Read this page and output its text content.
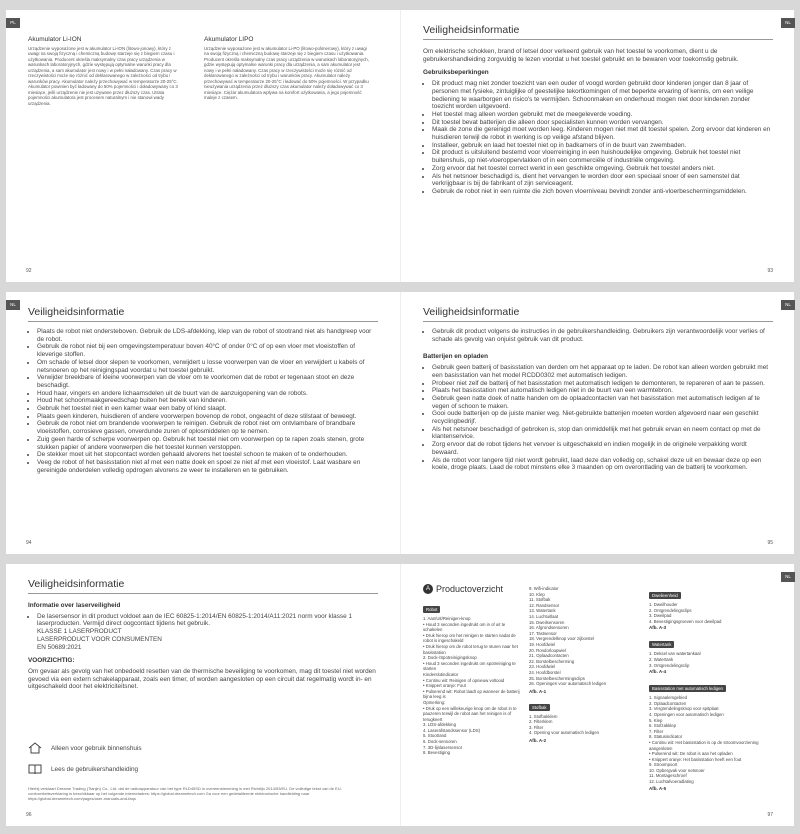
PL
Akumulator Li-ION
Urządzenie wyposażone jest w akumulator Li-ION (litowo-jonowy), który z uwagi na swoją fizyczną i chemiczną budowę starzeje się z biegiem czasu i użytkowania. Producent określa maksymalny czas pracy urządzenia w warunkach laboratoryjnych, gdzie występują optymalne warunki pracy dla urządzenia, a sam akumulator jest nowy i w pełni naładowany. Czas pracy w rzeczywistości może się różnić od deklarowanego w zależności od trybu i warunków pracy. Akumulator należy przechowywać w temperaturze 20-25°C. Akumulator powinien być ładowany do 50% pojemności i doładowywany co 3 miesiące, jeśli urządzenie nie jest używane przez dłuższy czas. Utrata pojemności akumulatora jest procesem naturalnym i nie stanowi wady urządzenia.
Akumulator LIPO
Urządzenie wyposażone jest w akumulator Li-PO (litowo-polimerowy), który z uwagi na swoją fizyczną i chemiczną budowę starzeje się z biegiem czasu i użytkowania. Producent określa maksymalny czas pracy urządzenia w warunkach laboratoryjnych, gdzie występują optymalne warunki pracy dla urządzenia, a sam akumulator jest nowy i w pełni naładowany. Czas pracy w rzeczywistości może się różnić od deklarowanego w zależności od trybu i warunków pracy. Akumulator należy przechowywać w temperaturze 20-25°C i ładować do 50% pojemności. W przypadku nieużywania urządzenia przez dłuższy czas akumulator należy doładowywać co 3 miesiące. Ciężar akumulatora wpływa na komfort użytkowania, a jego pojemność maleje z czasem.
92
NL
Veiligheidsinformatie

Om elektrische schokken, brand of letsel door verkeerd gebruik van het toestel te voorkomen, dient u de gebruikershandleiding zorgvuldig te lezen voordat u het toestel gebruikt en te bewaren voor toekomstig gebruik.

Gebruiksbeperkingen
• Dit product mag niet zonder toezicht van een ouder of voogd worden gebruikt door kinderen jonger dan 8 jaar of personen met fysieke, zintuiglijke of geestelijke tekortkomingen of met beperkte ervaring of kennis, om een veilige bediening te waarborgen en risico's te vermijden. Schoonmaken en onderhoud mogen niet door kinderen zonder toezicht worden uitgevoerd.
• Het toestel mag alleen worden gebruikt met de meegeleverde voeding.
• Dit toestel bevat batterijen die alleen door specialisten kunnen worden vervangen.
• Maak de zone die gereinigd moet worden leeg. Kinderen mogen niet met dit toestel spelen. Zorg ervoor dat kinderen en huisdieren terwijl de robot in werking is op veilige afstand blijven.
• Installeer, gebruik en laad het toestel niet op in badkamers of in de buurt van zwembaden.
• Dit product is uitsluitend bestemd voor vloerreiniging in een huishoudelijke omgeving. Gebruik het toestel niet buitenshuis, op niet-vloeroppervlakken of in een commerciële of industriële omgeving.
• Zorg ervoor dat het toestel correct werkt in een geschikte omgeving. Gebruik het toestel anders niet.
• Als het netsnoer beschadigd is, dient het vervangen te worden door een speciaal snoer of een samenstel dat verkrijgbaar is bij de fabrikant of zijn serviceagent.
• Gebruik de robot niet in een ruimte die zich boven vloerniveau bevindt zonder anti-vloerbeschermingsmiddelen.
93
NL
Veiligheidsinformatie
• Plaats de robot niet ondersteboven. Gebruik de LDS-afdekking, klep van de robot of stootrand niet als handgreep voor de robot.
• Gebruik de robot niet bij een omgevingstemperatuur boven 40°C of onder 0°C of op een vloer met vloeistoffen of kleverige stoffen.
• Om schade of letsel door slepen te voorkomen, verwijdert u losse voorwerpen van de vloer en verwijdert u kabels of netsnoeren op het reinigingspad voordat u het toestel gebruikt.
• Verwijder breekbare of kleine voorwerpen van de vloer om te voorkomen dat de robot er tegenaan stoot en deze beschadigt.
• Houd haar, vingers en andere lichaamsdelen uit de buurt van de aanzuigopening van de robots.
• Houd het schoonmaakgereedschap buiten het bereik van kinderen.
• Gebruik het toestel niet in een kamer waar een baby of kind slaapt.
• Plaats geen kinderen, huisdieren of andere voorwerpen bovenop de robot, ongeacht of deze stilstaat of beweegt.
• Gebruik de robot niet om brandende voorwerpen te reinigen. Gebruik de robot niet om ontvlambare of brandbare vloeistoffen, corrosieve gassen, onverdunde zuren of oplosmiddelen op te nemen.
• Zuig geen harde of scherpe voorwerpen op. Gebruik het toestel niet om voorwerpen op te rapen zoals stenen, grote stukken papier of andere voorwerpen die het toestel kunnen verstoppen.
• De stekker moet uit het stopcontact worden gehaald alvorens het toestel schoon te maken of te onderhouden.
• Veeg de robot of het basisstation niet af met een natte doek en spoel ze niet af met een vloeistof. Laat wasbare en gereinigde onderdelen volledig opdrogen alvorens ze weer te installeren en te gebruiken.
94
NL
Veiligheidsinformatie
• Gebruik dit product volgens de instructies in de gebruikershandleiding. Gebruikers zijn verantwoordelijk voor verlies of schade als gevolg van onjuist gebruik van dit product.
Batterijen en opladen
• Gebruik geen batterij of basisstation van derden om het apparaat op te laden. De robot kan alleen worden gebruikt met een basisstation van het model RCDD0302 met automatisch ledigen.
• Probeer niet zelf de batterij of het basisstation met automatisch ledigen te demonteren, te repareren of aan te passen.
• Plaats het basisstation met automatisch ledigen niet in de buurt van een warmtebron.
• Gebruik geen natte doek of natte handen om de oplaadcontacten van het basisstation met automatisch ledigen af te vegen of schoon te maken.
• Gooi oude batterijen op de juiste manier weg. Niet-gebruikte batterijen moeten worden afgevoerd naar een geschikt recyclingbedrijf.
• Als het netsnoer beschadigd of gebroken is, stop dan onmiddellijk met het gebruik ervan en neem contact op met de klantenservice.
• Zorg ervoor dat de robot tijdens het vervoer is uitgeschakeld en indien mogelijk in de originele verpakking wordt bewaard.
• Als de robot voor langere tijd niet wordt gebruikt, laad deze dan volledig op, schakel deze uit en bewaar deze op een koele, droge plaats. Laad de robot minstens elke 3 maanden op om overontlading van de batterij te voorkomen.
95
Veiligheidsinformatie
Informatie over laserveiligheid
• De lasersensor in dit product voldoet aan de IEC 60825-1:2014/EN 60825-1:2014/A11:2021 norm voor klasse 1 laserproducten. Vermijd direct oogcontact tijdens het gebruik.
KLASSE 1 LASERPRODUCT
LASERPRODUCT VOOR CONSUMENTEN
EN 50689:2021
VOORZICHTIG:

Om gevaar als gevolg van het onbedoeld resetten van de thermische beveiliging te voorkomen, mag dit toestel niet worden gevoed via een extern schakelapparaat, zoals een timer, of worden aangesloten op een circuit dat regelmatig wordt in- en uitgeschakeld door het elektriciteitsnet.

Alleen voor gebruik binnenshuis
Lees de gebruikershandleiding
Hierbij verklaart Dreame Trading (Tianjin) Co., Ltd. dat de radioapparatuur van het type RLD45SD in overeenstemming is met Richtlijn 2014/53/EU. De volledige tekst van de EU-conformiteitsverklaring is beschikbaar op het volgende internetadres: https://global.dreametech.com Ga voor een gedetailleerde elektronische handleiding naar https://global.dreametech.com/pages/user-manuals-and-faqs
96
NL
A Productoverzicht
Robot
1. Aan/Uit/Reinigen-knop
• Houd 3 seconden ingedrukt om in of uit te schakelen
• Druk hierop om het reinigen te starten nadat de robot is ingeschakeld
• Druk hierop om de robot terug te sturen naar het basisstation
2. Dock-/Spotreinigingsknop
• Houd 3 seconden ingedrukt om spotreiniging te starten
Kinderslotindicator
• Continu wit: Reinigen of opnieuw voltooid
• Knippert oranje: Fout
• Pulserend wit: Robot laadt op wanneer de batterij bijna leeg is
Opmerking:
• Druk op een willekeurige knop om de robot in te pauzeren terwijl de robot aan het reinigen is of terugkeert
3. LDS-afdekking
4. Laserafstandssensor (LDS)
5. Stootrand
6. Dock-sensoren
7. 3D-lijnlasersensor
8. Bevestiging
9. Wifi-indicator
10. Klep
11. Stofbak
12. Randsensor
13. Watertank
14. Luchtuitlaat
15. Dweilsensoren
16. Afgrondsensoren
17. Tastsensor
18. Vergrendelknop voor zijborstel
19. Hoofdwiel
20. Rondorloopwiel
21. Oplaadcontacten
22. Borstelbescherming
23. Hoofdwiel
24. Hoofdborstel
25. Borstelbeschermingsclips
26. Openingen voor automatisch ledigen
Afb. A-1
Stofbak
1. Stofbakklem
2. Filterklem
3. Filter
4. Opening voor automatisch ledigen
Afb. A-2
Dweileenheid
1. Dweilhouder
2. Ontgrendelingsclips
3. Dweilpad
4. Bevestigingsgroeven voor dweilpad
Afb. A-3
Watertank
1. Deksel van watertankaal
2. Watertank
3. Ontgrendelingsclip
Afb. A-4
Basisstation met automatisch ledigen
1. Signaalemgebied
2. Oplaadcontacten
3. Vergrendelingsknop voor spitplaat
4. Openingen voor automatisch ledigen
5. Klep
6. Stofzakklep
7. Filter
8. Statusindicator
• Continu wit: Het basisstation is op de stroomvoorziening aangesloten
• Pulserend wit: De robot is aan het opladen
• Knippert oranje: Het basisstation heeft een fout
9. Stroompoort
10. Opbergvak voor netsnoer
11. Montageschroef
12. Luchtafvoeradlating
Afb. A-5
97
